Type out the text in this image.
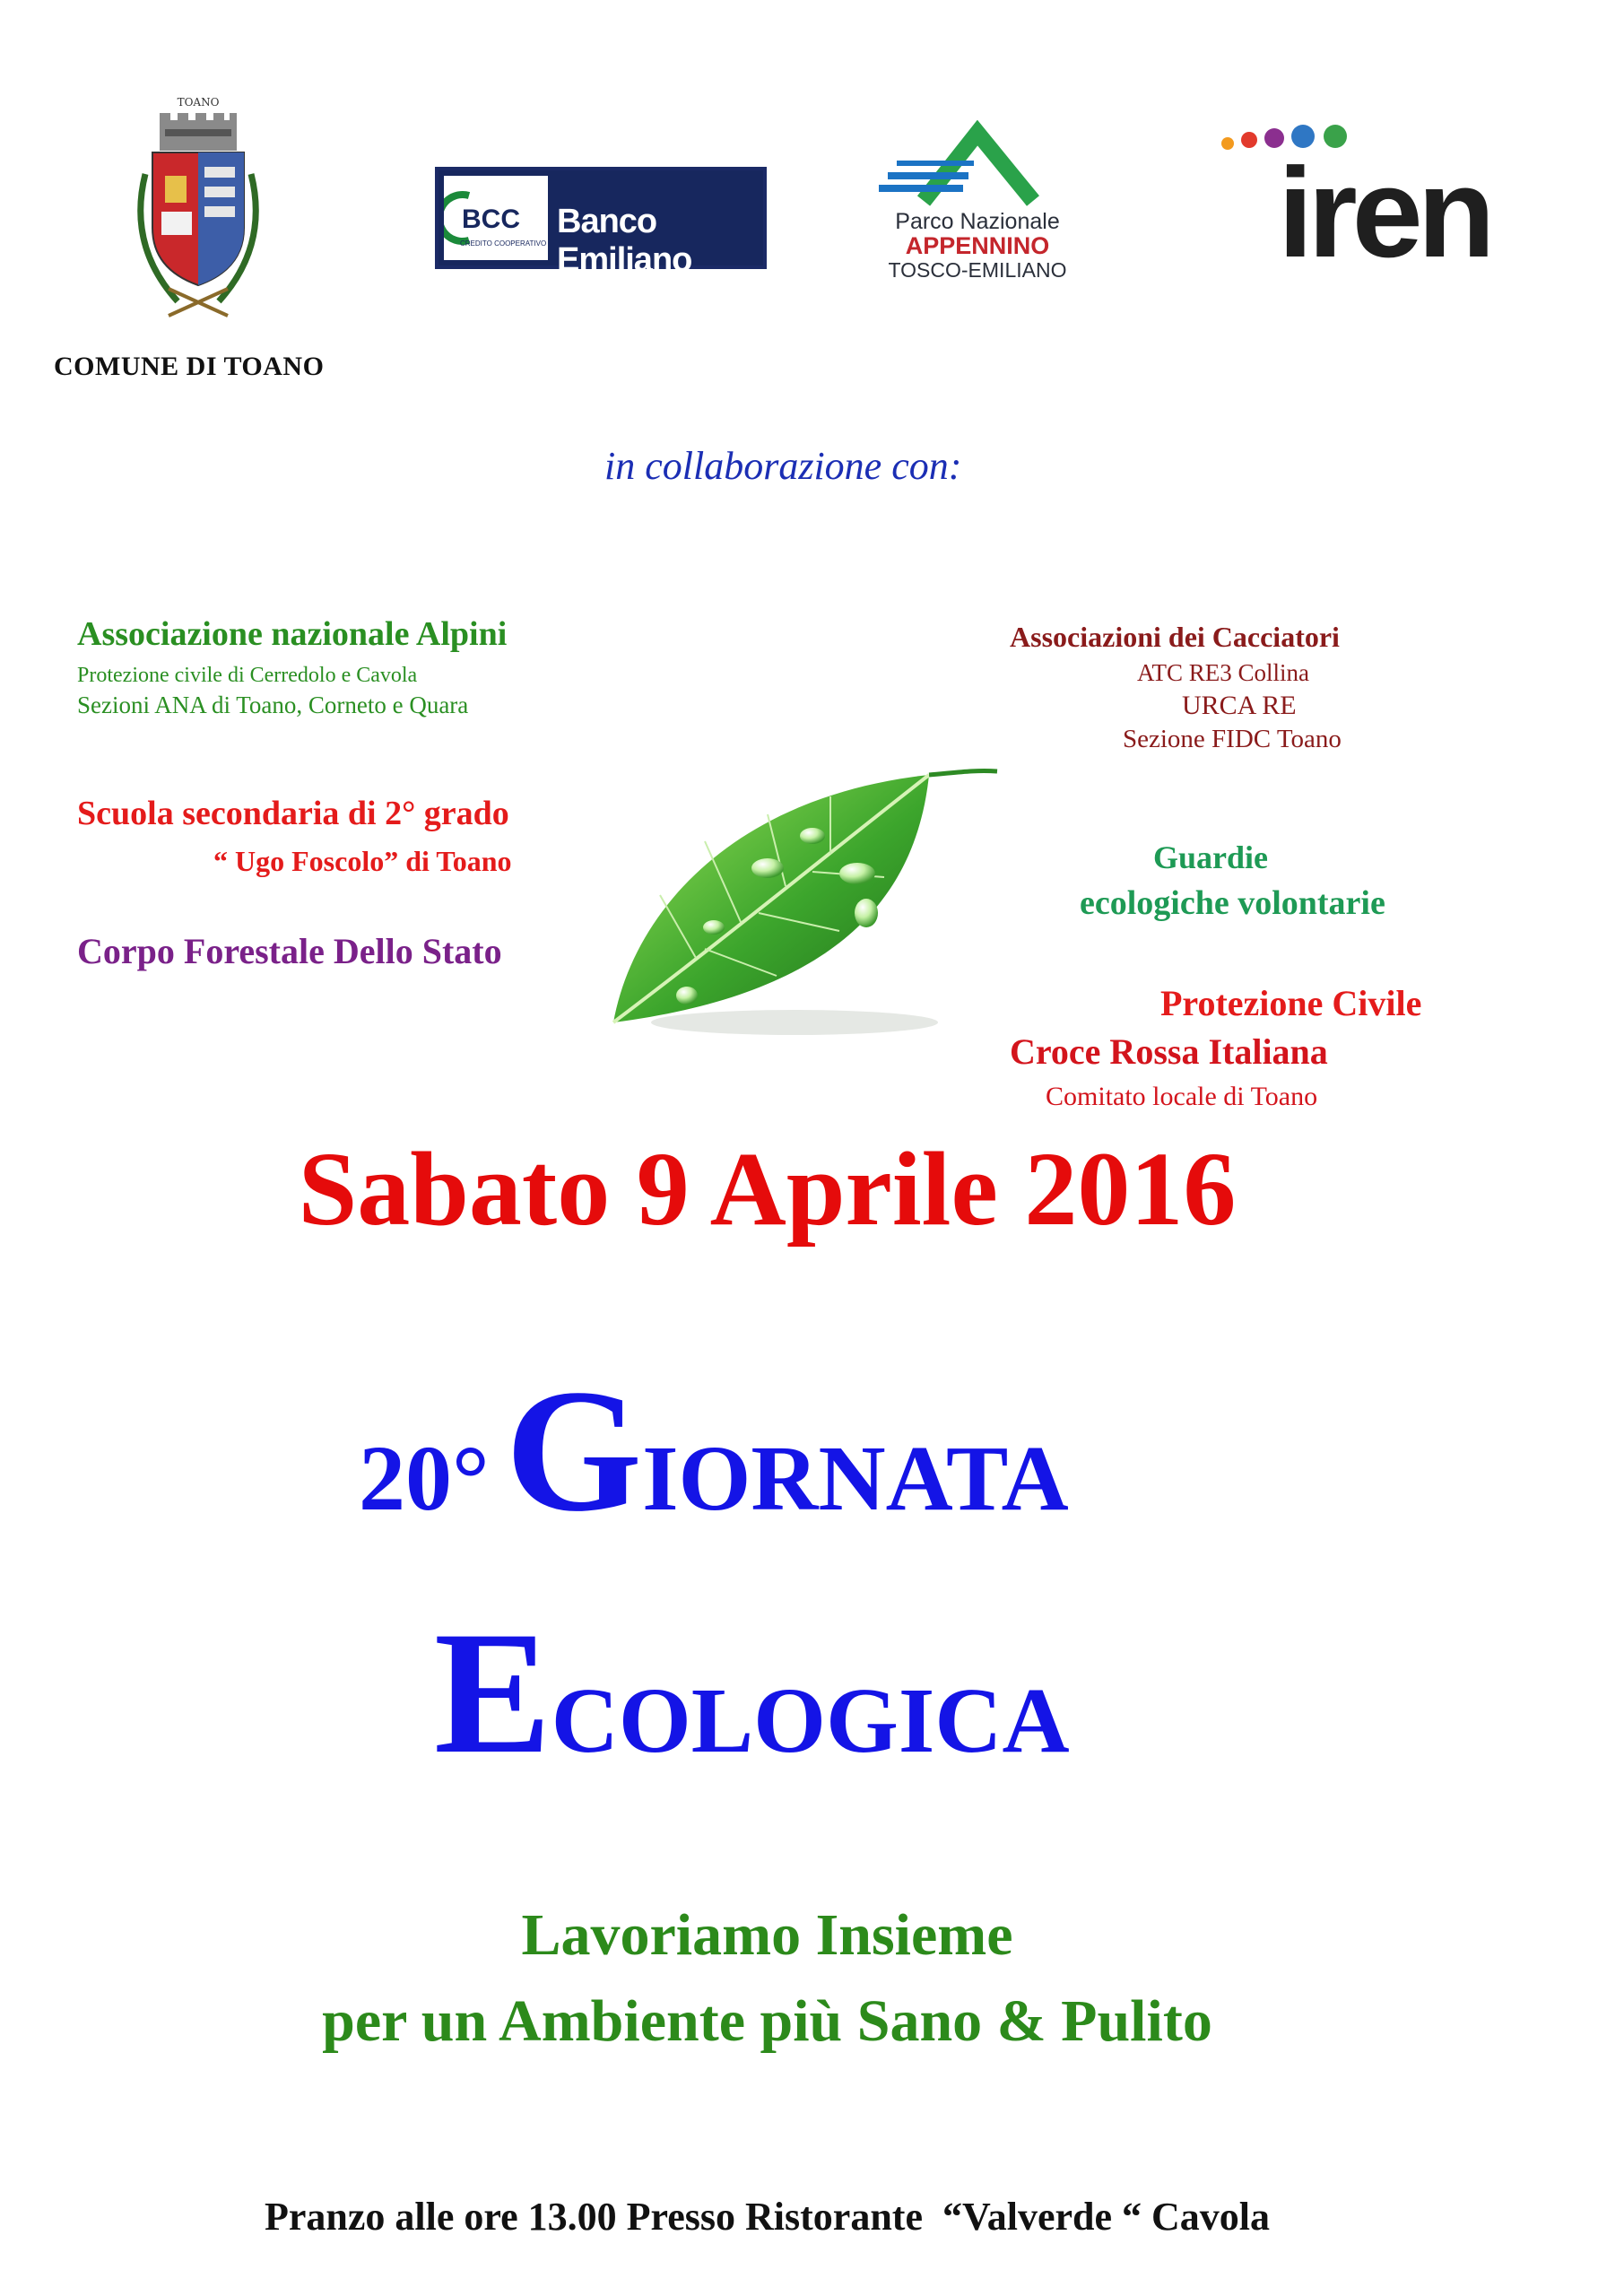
TOANO
COMUNE DI TOANO
BCC
CREDITO COOPERATIVO
Banco Emiliano
Parco Nazionale
APPENNINO
TOSCO-EMILIANO iren
in collaborazione con:
Associazione nazionale Alpini
Protezione civile di Cerredolo e Cavola
Sezioni ANA di Toano, Corneto e Quara
Scuola secondaria di 2° grado
“ Ugo Foscolo” di Toano
Corpo Forestale Dello Stato
Associazioni dei Cacciatori
ATC RE3 Collina
URCA RE
Sezione FIDC Toano
Guardie
ecologiche volontarie
Protezione Civile
Croce Rossa Italiana
Comitato locale di Toano
Sabato 9 Aprile 2016
20° GIORNATA
ECOLOGICA
Lavoriamo Insieme
per un Ambiente più Sano & Pulito
Pranzo alle ore 13.00 Presso Ristorante  “Valverde “ Cavola
